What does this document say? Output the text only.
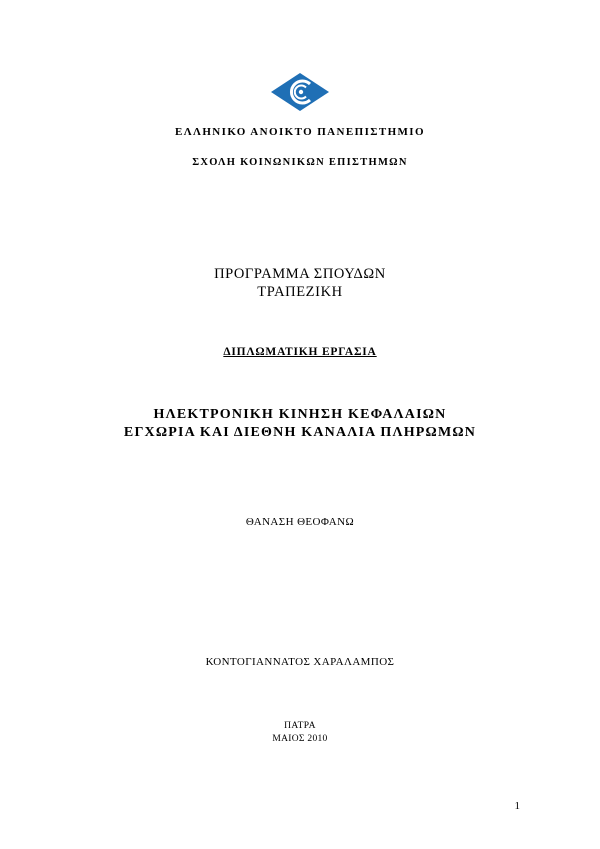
ΕΛΛΗΝΙΚΟ ΑΝΟΙΚΤΟ ΠΑΝΕΠΙΣΤΗΜΙΟ
ΣΧΟΛΗ ΚΟΙΝΩΝΙΚΩΝ ΕΠΙΣΤΗΜΩΝ
ΠΡΟΓΡΑΜΜΑ ΣΠΟΥΔΩΝ
ΤΡΑΠΕΖΙΚΗ
ΔΙΠΛΩΜΑΤΙΚΗ ΕΡΓΑΣΙΑ
ΗΛΕΚΤΡΟΝΙΚΗ ΚΙΝΗΣΗ ΚΕΦΑΛΑΙΩΝ
ΕΓΧΩΡΙΑ ΚΑΙ ΔΙΕΘΝΗ ΚΑΝΑΛΙΑ ΠΛΗΡΩΜΩΝ
ΘΑΝΑΣΗ ΘΕΟΦΑΝΩ
ΚΟΝΤΟΓΙΑΝΝΑΤΟΣ ΧΑΡΑΛΑΜΠΟΣ
ΠΑΤΡΑ
ΜΑΙΟΣ 2010
1
